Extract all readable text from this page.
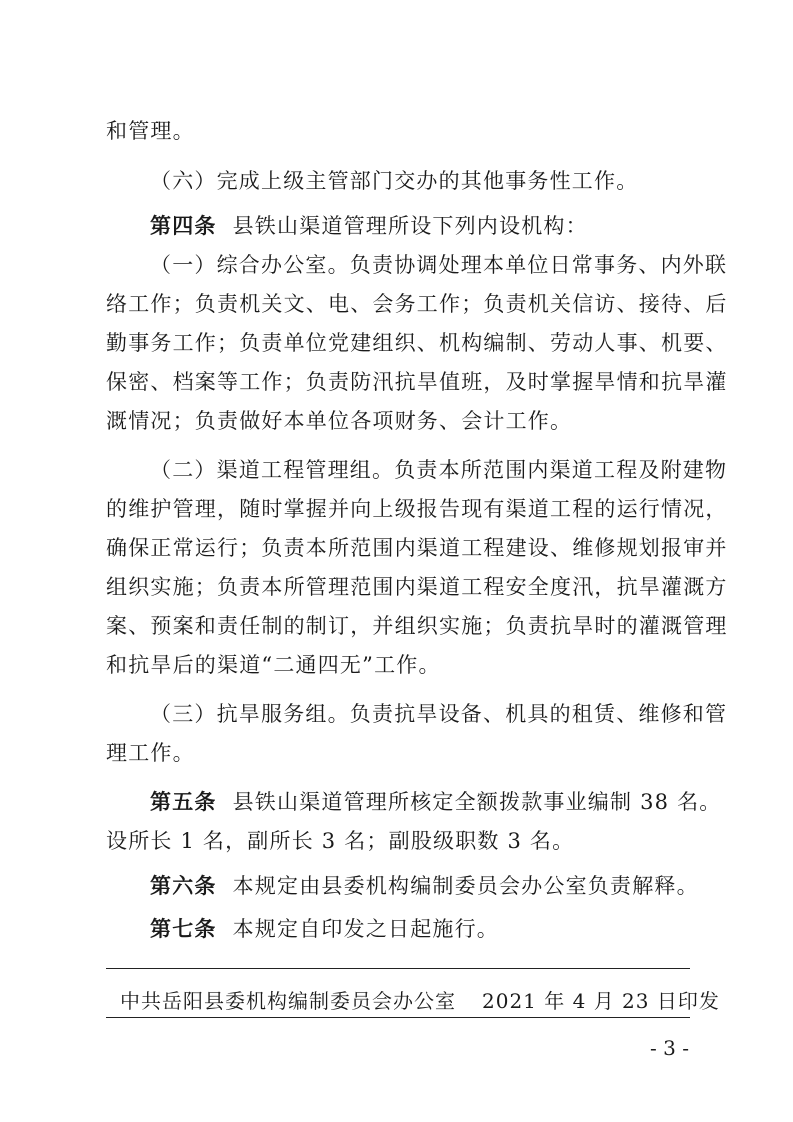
和管理。
（六）完成上级主管部门交办的其他事务性工作。
第四条 县铁山渠道管理所设下列内设机构：
（一）综合办公室。负责协调处理本单位日常事务、内外联
络工作；负责机关文、电、会务工作；负责机关信访、接待、后
勤事务工作；负责单位党建组织、机构编制、劳动人事、机要、
保密、档案等工作；负责防汛抗旱值班，及时掌握旱情和抗旱灌
溉情况；负责做好本单位各项财务、会计工作。
（二）渠道工程管理组。负责本所范围内渠道工程及附建物
的维护管理，随时掌握并向上级报告现有渠道工程的运行情况，
确保正常运行；负责本所范围内渠道工程建设、维修规划报审并
组织实施；负责本所管理范围内渠道工程安全度汛，抗旱灌溉方
案、预案和责任制的制订，并组织实施；负责抗旱时的灌溉管理
和抗旱后的渠道“二通四无”工作。
（三）抗旱服务组。负责抗旱设备、机具的租赁、维修和管
理工作。
第五条 县铁山渠道管理所核定全额拨款事业编制 38 名。
设所长 1 名，副所长 3 名；副股级职数 3 名。
第六条 本规定由县委机构编制委员会办公室负责解释。
第七条 本规定自印发之日起施行。
中共岳阳县委机构编制委员会办公室 2021 年 4 月 23 日印发
- 3 -
